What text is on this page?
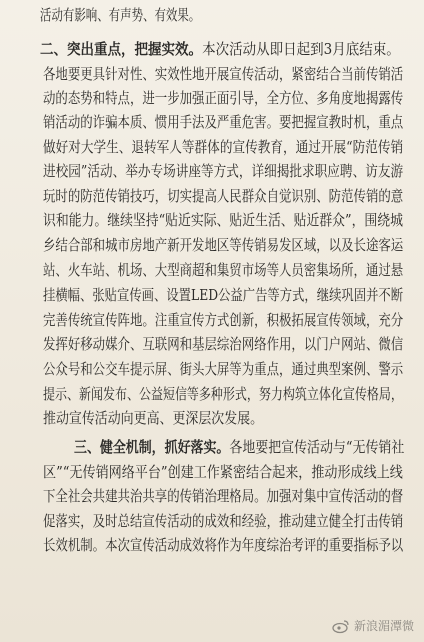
活动有影响、有声势、有效果。
二、突出重点，把握实效。本次活动从即日起到3月底结束。
各地要更具针对性、实效性地开展宣传活动，紧密结合当前传销活
动的态势和特点，进一步加强正面引导，全方位、多角度地揭露传
销活动的诈骗本质、惯用手法及严重危害。要把握宣教时机，重点
做好对大学生、退转军人等群体的宣传教育，通过开展“防范传销
进校园”活动、举办专场讲座等方式，详细揭批求职应聘、访友游
玩时的防范传销技巧，切实提高人民群众自觉识别、防范传销的意
识和能力。继续坚持“贴近实际、贴近生活、贴近群众”，围绕城
乡结合部和城市房地产新开发地区等传销易发区域，以及长途客运
站、火车站、机场、大型商超和集贸市场等人员密集场所，通过悬
挂横幅、张贴宣传画、设置LED公益广告等方式，继续巩固并不断
完善传统宣传阵地。注重宣传方式创新，积极拓展宣传领域，充分
发挥好移动媒介、互联网和基层综治网络作用，以门户网站、微信
公众号和公交车提示屏、街头大屏等为重点，通过典型案例、警示
提示、新闻发布、公益短信等多种形式，努力构筑立体化宣传格局，
推动宣传活动向更高、更深层次发展。
三、健全机制，抓好落实。各地要把宣传活动与“无传销社
区”“无传销网络平台”创建工作紧密结合起来，推动形成线上线
下全社会共建共治共享的传销治理格局。加强对集中宣传活动的督
促落实，及时总结宣传活动的成效和经验，推动建立健全打击传销
长效机制。本次宣传活动成效将作为年度综治考评的重要指标予以
新浪湄潭微
